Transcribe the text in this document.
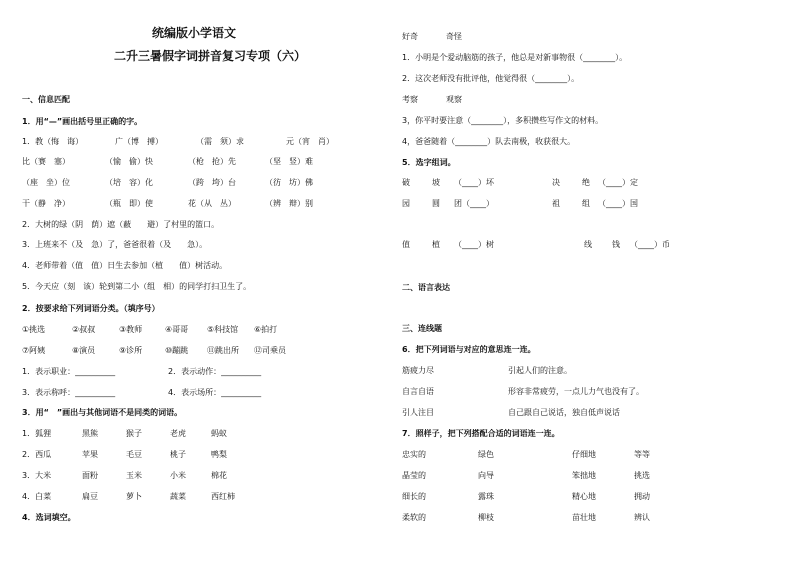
统编版小学语文
二升三暑假字词拼音复习专项（六）
一、信息匹配
1．用“—”画出括号里正确的字。
1．教（悔　诲）	广（博　搏）	（需　须）求	元（宵　肖）
比（赛　塞）	（愉　偷）快	（枪　抢）先	（坚　竖）难
（座　坐）位	（培　容）化	（跨　垮）台	（彷　坊）佛
干（静　净）	（瓶　即）使	花（从　丛）	（辨　辩）别
2．大树的绿（阴　荫）遮（蔽　　避）了村里的篮口。
3．上班来不（及　急）了，爸爸很着（及　　急）。
4．老师带着（值　值）日生去参加（植　　值）树活动。
5．今天应（刻　该）轮到第二小（组　相）的同学打扫卫生了。
2．按要求给下列词语分类。（填序号）
①挑选	②叔叔	③教师	④哥哥 ⑤科技馆 ⑥拍打
⑦阿姨	⑧演员	⑨诊所	⑩蹦跳 ⑪跳出所 ⑫司乘员
1．表示职业：__________	2．表示动作：__________
3．表示称呼：__________	4．表示场所：__________
3．用“　”画出与其他词语不是同类的词语。
1．狐狸	黑熊	猴子	老虎	蚂蚁
2．西瓜	苹果	毛豆	桃子	鸭梨
3．大米	面粉	玉米	小米	棉花
4．白菜	扁豆	萝卜	蔬菜	西红柿
4．选词填空。
好奇	奇怪
1．小明是个爱动脑筋的孩子，他总是对新事物很（________）。
2．这次老师没有批评他，他觉得很（________）。
考察	观察
3，你平时要注意（________），多积攒些写作文的材料。
4，爸爸随着（________）队去南极，收获很大。
5．选字组词。
破	坡 （____）坏	决	绝 （____）定
园	圆 团（____）	祖	组 （____）国
值	植 （____）树	线	钱 （____）币
二、语言表达
三、连线题
6．把下列词语与对应的意思连一连。
筋疲力尽	引起人们的注意。
自言自语	形容非常疲劳，一点儿力气也没有了。
引人注目	自己跟自己说话，独自低声说话
7．照样子，把下列搭配合适的词语连一连。
忠实的	绿色	仔细地	等等
晶莹的	向导	笨拙地	挑选
细长的	露珠	精心地	拥动
柔软的	柳枝	苗壮地	辨认
